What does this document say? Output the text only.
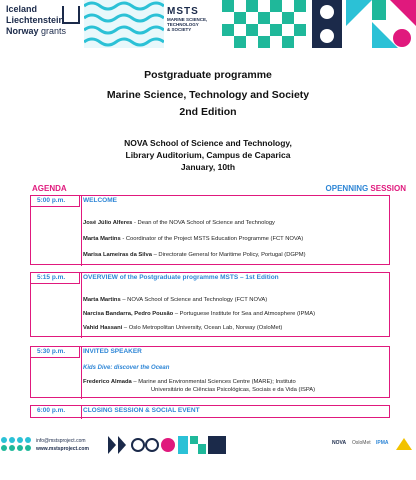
Iceland
Liechtenstein
Norway grants
MSTS
MARINE SCIENCE,
TECHNOLOGY
& SOCIETY
Postgraduate programme
Marine Science, Technology and Society
2nd Edition
NOVA School of Science and Technology,
Library Auditorium, Campus de Caparica
January, 10th
AGENDA	OPENNING SESSION
5:00 p.m.	WELCOME
José Júlio Alferes - Dean of the NOVA School of Science and Technology
Marta Martins - Coordinator of the Project MSTS Education Programme (FCT NOVA)
Marisa Lameiras da Silva – Directorate General for Maritime Policy, Portugal (DGPM)
5:15 p.m.	OVERVIEW of the Postgraduate programme MSTS – 1st Edition
Marta Martins – NOVA School of Science and Technology (FCT NOVA)
Narcisa Bandarra, Pedro Pousão – Portuguese Institute for Sea and Atmosphere (IPMA)
Vahid Hassani – Oslo Metropolitan University, Ocean Lab, Norway (OsloMet)
5:30 p.m.	INVITED SPEAKER
Kids Dive: discover the Ocean
Frederico Almada – Marine and Environmental Sciences Centre (MARE); Instituto
Universitário de Ciências Psicológicas, Sociais e da Vida (ISPA)
6:00 p.m.	CLOSING SESSION & SOCIAL EVENT
info@mstsproject.com
www.mstsproject.com
NOVA OsloMet IPMA
